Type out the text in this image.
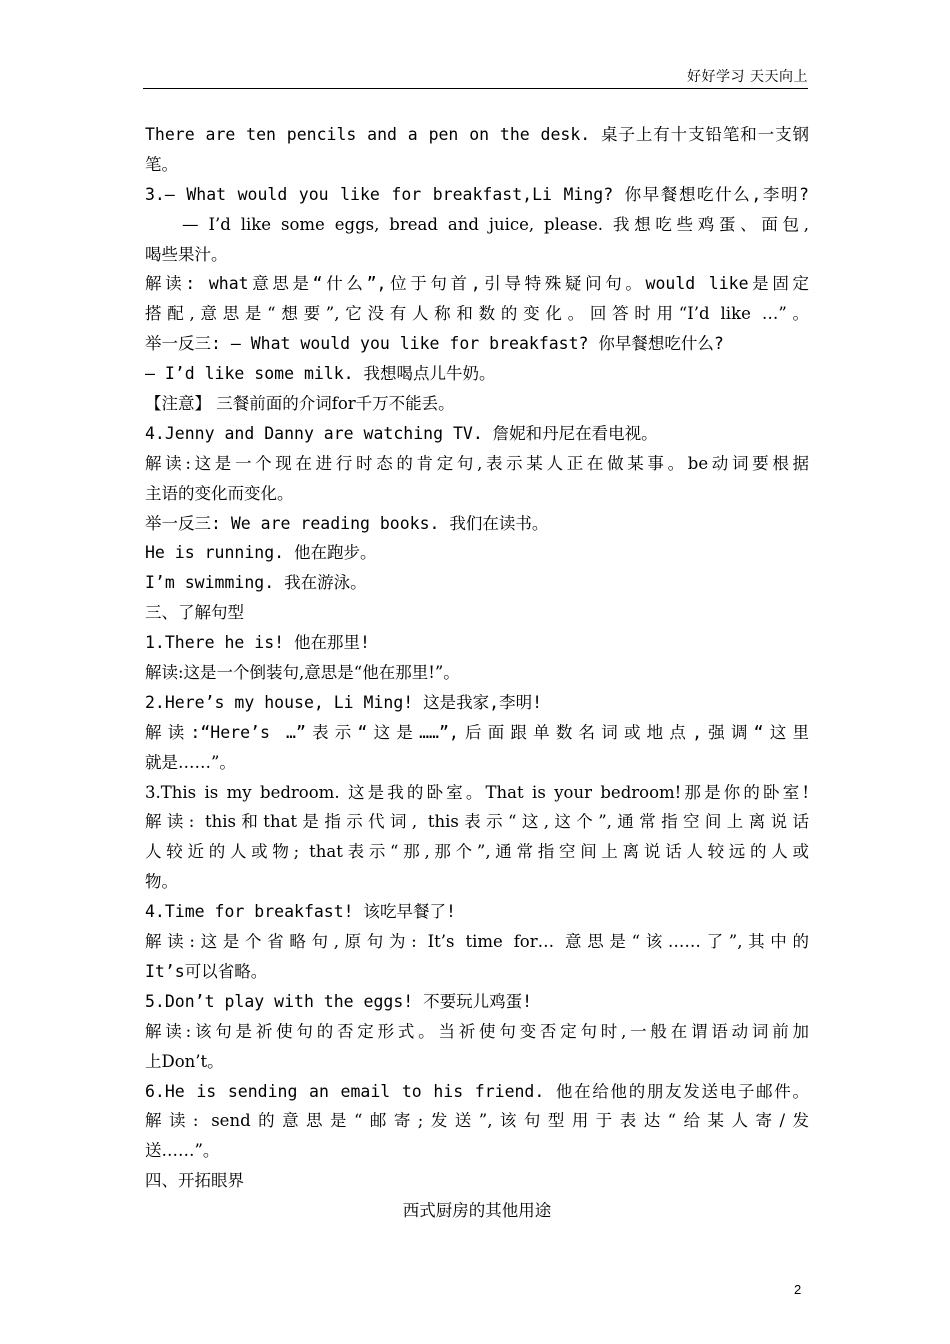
好好学习 天天向上
There are ten pencils and a pen on the desk. 桌子上有十支铅笔和一支钢
笔。
3.— What would you like for breakfast,Li Ming? 你早餐想吃什么,李明?
— I’d like some eggs, bread and juice, please. 我想吃些鸡蛋、面包,
喝些果汁。
解读: what意思是“什么”,位于句首,引导特殊疑问句。would like是固定
搭配,意思是“想要”,它没有人称和数的变化。回答时用“I’d like …”。
举一反三: — What would you like for breakfast? 你早餐想吃什么?
— I’d like some milk. 我想喝点儿牛奶。
【注意】 三餐前面的介词for千万不能丢。
4.Jenny and Danny are watching TV. 詹妮和丹尼在看电视。
解读:这是一个现在进行时态的肯定句,表示某人正在做某事。be动词要根据
主语的变化而变化。
举一反三: We are reading books. 我们在读书。
He is running. 他在跑步。
I’m swimming. 我在游泳。
三、了解句型
1.There he is! 他在那里!
解读:这是一个倒装句,意思是“他在那里!”。
2.Here’s my house, Li Ming! 这是我家,李明!
解读:“Here’s …”表示“这是……”,后面跟单数名词或地点,强调“这里
就是……”。
3.This is my bedroom. 这是我的卧室。That is your bedroom!那是你的卧室!
解读: this和that是指示代词, this表示“这,这个”,通常指空间上离说话
人较近的人或物; that表示“那,那个”,通常指空间上离说话人较远的人或
物。
4.Time for breakfast! 该吃早餐了!
解读:这是个省略句,原句为: It’s time for… 意思是“该……了”,其中的
It’s可以省略。
5.Don’t play with the eggs! 不要玩儿鸡蛋!
解读:该句是祈使句的否定形式。当祈使句变否定句时,一般在谓语动词前加
上Don’t。
6.He is sending an email to his friend. 他在给他的朋友发送电子邮件。
解读: send的意思是“邮寄;发送”,该句型用于表达“给某人寄/发
送……”。
四、开拓眼界
西式厨房的其他用途
2
